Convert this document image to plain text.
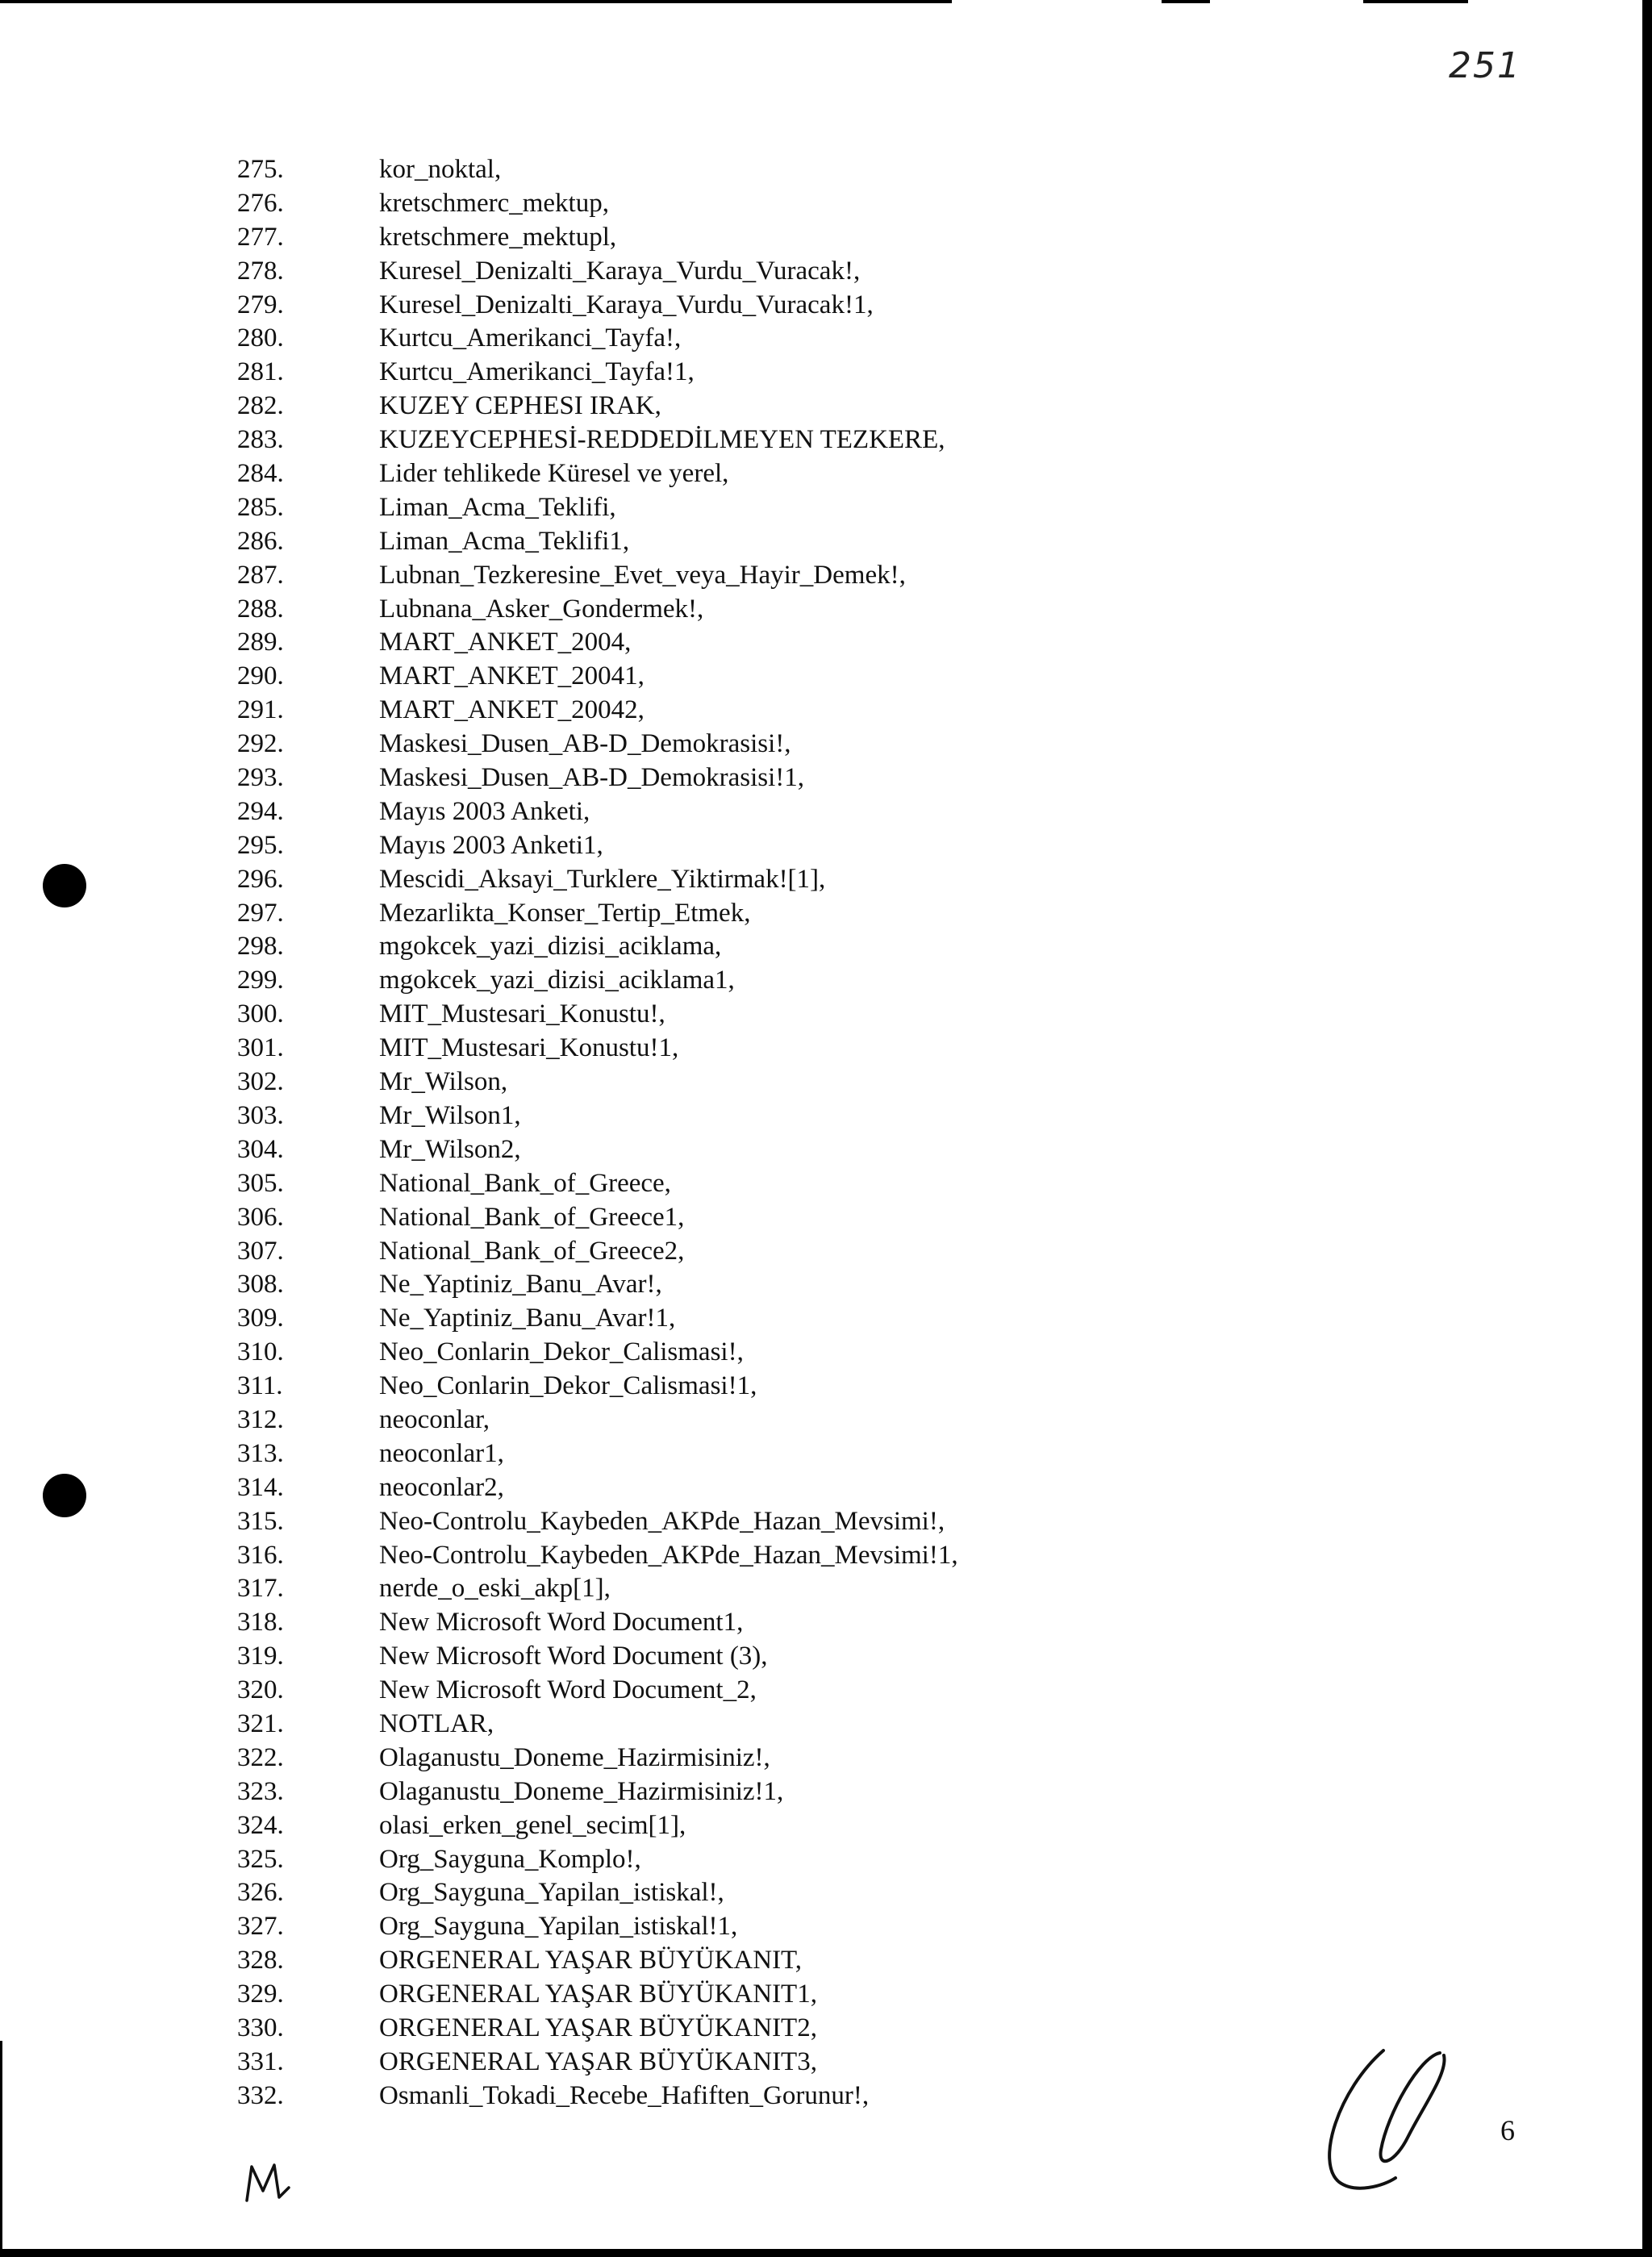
251
275.	kor_noktal,
276.	kretschmerc_mektup,
277.	kretschmere_mektupl,
278.	Kuresel_Denizalti_Karaya_Vurdu_Vuracak!,
279.	Kuresel_Denizalti_Karaya_Vurdu_Vuracak!1,
280.	Kurtcu_Amerikanci_Tayfa!,
281.	Kurtcu_Amerikanci_Tayfa!1,
282.	KUZEY CEPHESI IRAK,
283.	KUZEYCEPHESİ-REDDEDİLMEYEN TEZKERE,
284.	Lider tehlikede Küresel ve yerel,
285.	Liman_Acma_Teklifi,
286.	Liman_Acma_Teklifi1,
287.	Lubnan_Tezkeresine_Evet_veya_Hayir_Demek!,
288.	Lubnana_Asker_Gondermek!,
289.	MART_ANKET_2004,
290.	MART_ANKET_20041,
291.	MART_ANKET_20042,
292.	Maskesi_Dusen_AB-D_Demokrasisi!,
293.	Maskesi_Dusen_AB-D_Demokrasisi!1,
294.	Mayıs 2003 Anketi,
295.	Mayıs 2003 Anketi1,
296.	Mescidi_Aksayi_Turklere_Yiktirmak![1],
297.	Mezarlikta_Konser_Tertip_Etmek,
298.	mgokcek_yazi_dizisi_aciklama,
299.	mgokcek_yazi_dizisi_aciklama1,
300.	MIT_Mustesari_Konustu!,
301.	MIT_Mustesari_Konustu!1,
302.	Mr_Wilson,
303.	Mr_Wilson1,
304.	Mr_Wilson2,
305.	National_Bank_of_Greece,
306.	National_Bank_of_Greece1,
307.	National_Bank_of_Greece2,
308.	Ne_Yaptiniz_Banu_Avar!,
309.	Ne_Yaptiniz_Banu_Avar!1,
310.	Neo_Conlarin_Dekor_Calismasi!,
311.	Neo_Conlarin_Dekor_Calismasi!1,
312.	neoconlar,
313.	neoconlar1,
314.	neoconlar2,
315.	Neo-Controlu_Kaybeden_AKPde_Hazan_Mevsimi!,
316.	Neo-Controlu_Kaybeden_AKPde_Hazan_Mevsimi!1,
317.	nerde_o_eski_akp[1],
318.	New Microsoft Word Document1,
319.	New Microsoft Word Document (3),
320.	New Microsoft Word Document_2,
321.	NOTLAR,
322.	Olaganustu_Doneme_Hazirmisiniz!,
323.	Olaganustu_Doneme_Hazirmisiniz!1,
324.	olasi_erken_genel_secim[1],
325.	Org_Sayguna_Komplo!,
326.	Org_Sayguna_Yapilan_istiskal!,
327.	Org_Sayguna_Yapilan_istiskal!1,
328.	ORGENERAL YAŞAR BÜYÜKANIT,
329.	ORGENERAL YAŞAR BÜYÜKANIT1,
330.	ORGENERAL YAŞAR BÜYÜKANIT2,
331.	ORGENERAL YAŞAR BÜYÜKANIT3,
332.	Osmanli_Tokadi_Recebe_Hafiften_Gorunur!,
6
